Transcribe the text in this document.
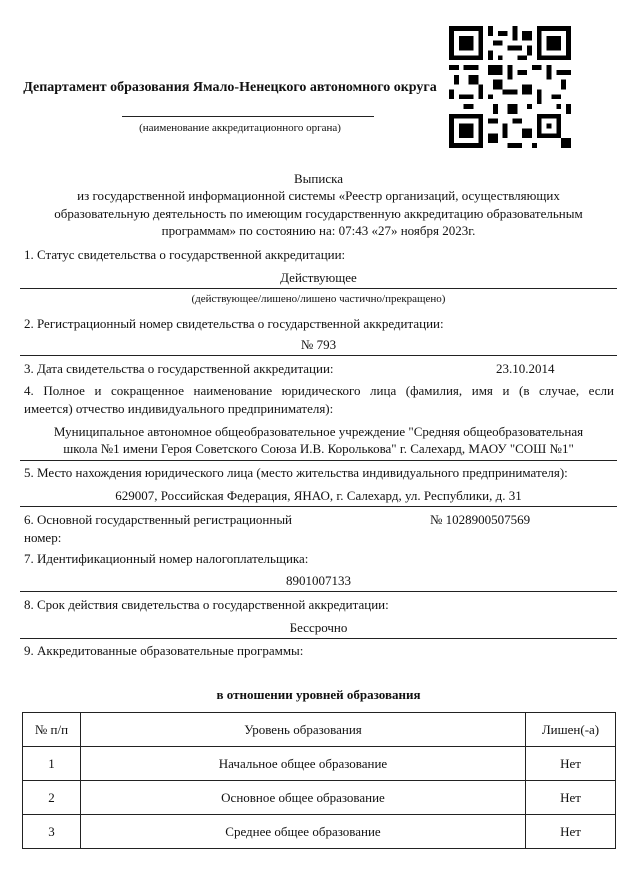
Департамент образования Ямало-Ненецкого автономного округа
(наименование аккредитационного органа)
Выписка
из государственной информационной системы «Реестр организаций, осуществляющих
образовательную деятельность по имеющим государственную аккредитацию образовательным
программам» по состоянию на: 07:43 «27» ноября 2023г.
1. Статус свидетельства о государственной аккредитации:
Действующее
(действующее/лишено/лишено частично/прекращено)
2. Регистрационный номер свидетельства о государственной аккредитации:
№ 793
3. Дата свидетельства о государственной аккредитации:	23.10.2014
4. Полное и сокращенное наименование юридического лица (фамилия, имя и (в случае, если
имеется) отчество индивидуального предпринимателя):
Муниципальное автономное общеобразовательное учреждение "Средняя общеобразовательная
школа №1 имени Героя Советского Союза И.В. Королькова" г. Салехард, МАОУ "СОШ №1"
5. Место нахождения юридического лица (место жительства индивидуального предпринимателя):
629007, Российская Федерация, ЯНАО, г. Салехард, ул. Республики, д. 31
6. Основной государственный регистрационный
номер:
№ 1028900507569
7. Идентификационный номер налогоплательщика:
8901007133
8. Срок действия свидетельства о государственной аккредитации:
Бессрочно
9. Аккредитованные образовательные программы:
в отношении уровней образования
№ п/п	Уровень образования	Лишен(-а)
1	Начальное общее образование	Нет
2	Основное общее образование	Нет
3	Среднее общее образование	Нет
